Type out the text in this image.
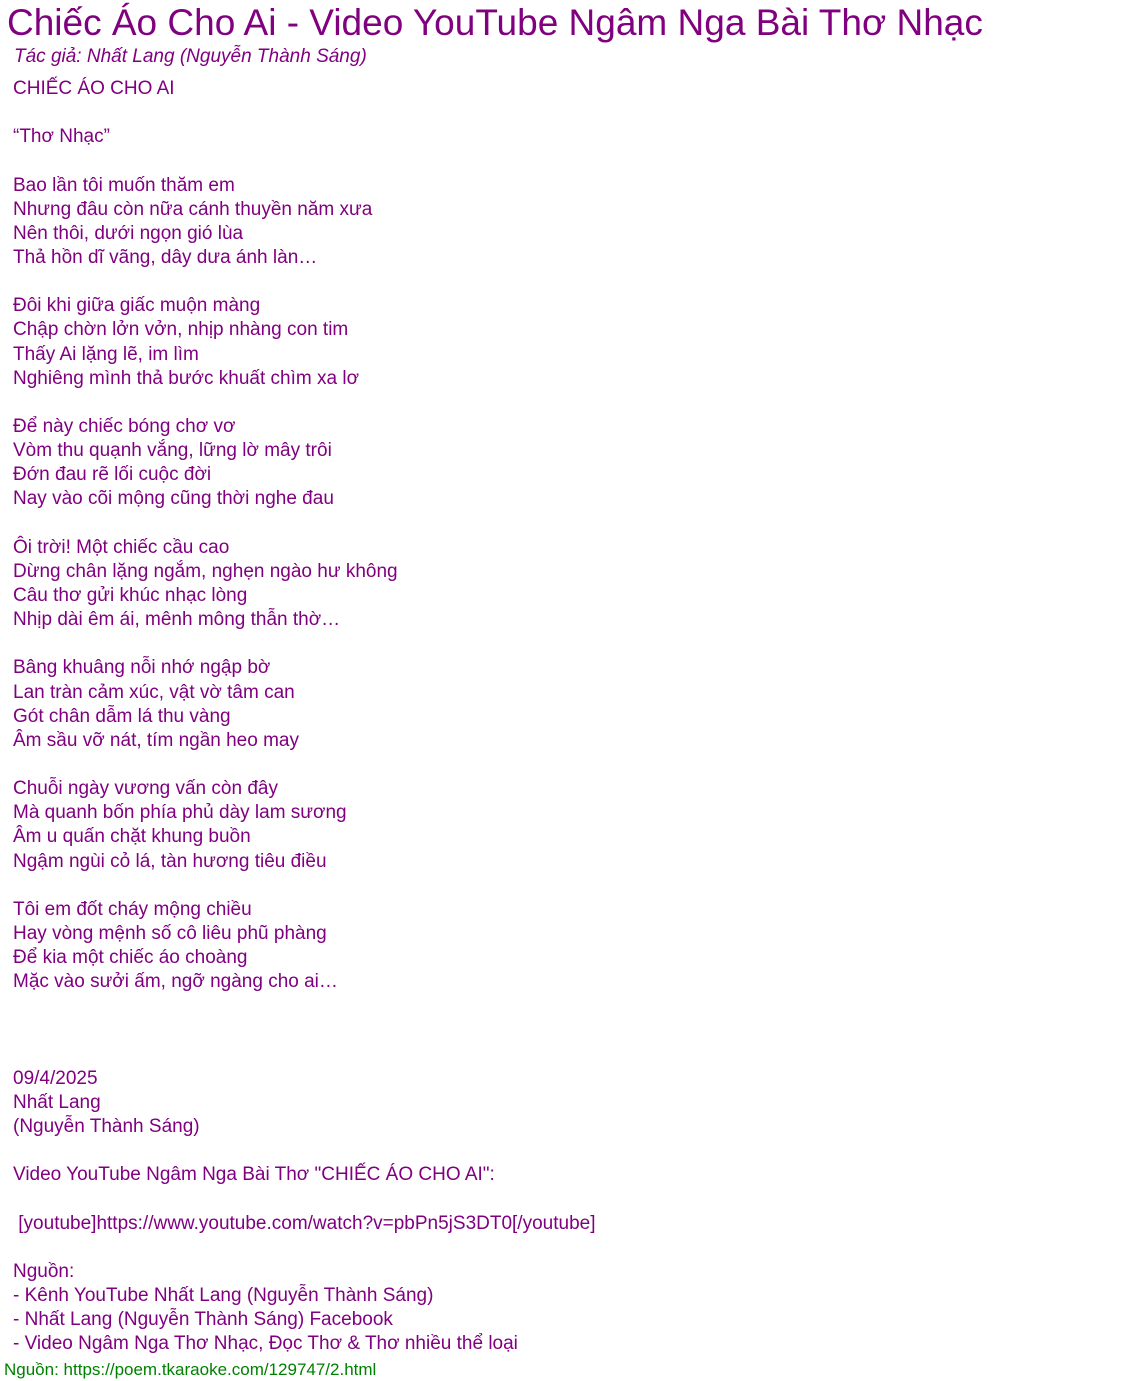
Chiếc Áo Cho Ai - Video YouTube Ngâm Nga Bài Thơ Nhạc
Tác giả: Nhất Lang (Nguyễn Thành Sáng)
CHIẾC ÁO CHO AI
“Thơ Nhạc”
Bao lần tôi muốn thăm em
Nhưng đâu còn nữa cánh thuyền năm xưa
Nên thôi, dưới ngọn gió lùa
Thả hồn dĩ vãng, dây dưa ánh làn…
Đôi khi giữa giấc muộn màng
Chập chờn lởn vởn, nhịp nhàng con tim
Thấy Ai lặng lẽ, im lìm
Nghiêng mình thả bước khuất chìm xa lơ
Để này chiếc bóng chơ vơ
Vòm thu quạnh vắng, lững lờ mây trôi
Đớn đau rẽ lối cuộc đời
Nay vào cõi mộng cũng thời nghe đau
Ôi trời! Một chiếc cầu cao
Dừng chân lặng ngắm, nghẹn ngào hư không
Câu thơ gửi khúc nhạc lòng
Nhịp dài êm ái, mênh mông thẫn thờ…
Bâng khuâng nỗi nhớ ngập bờ
Lan tràn cảm xúc, vật vờ tâm can
Gót chân dẫm lá thu vàng
Âm sầu vỡ nát, tím ngần heo may
Chuỗi ngày vương vấn còn đây
Mà quanh bốn phía phủ dày lam sương
Âm u quấn chặt khung buồn
Ngậm ngùi cỏ lá, tàn hương tiêu điều
Tôi em đốt cháy mộng chiều
Hay vòng mệnh số cô liêu phũ phàng
Để kia một chiếc áo choàng
Mặc vào sưởi ấm, ngỡ ngàng cho ai…
09/4/2025
Nhất Lang
(Nguyễn Thành Sáng)
Video YouTube Ngâm Nga Bài Thơ "CHIẾC ÁO CHO AI":
[youtube]https://www.youtube.com/watch?v=pbPn5jS3DT0[/youtube]
Nguồn:
- Kênh YouTube Nhất Lang (Nguyễn Thành Sáng)
- Nhất Lang (Nguyễn Thành Sáng) Facebook
- Video Ngâm Nga Thơ Nhạc, Đọc Thơ & Thơ nhiều thể loại
Nguồn: https://poem.tkaraoke.com/129747/2.html
